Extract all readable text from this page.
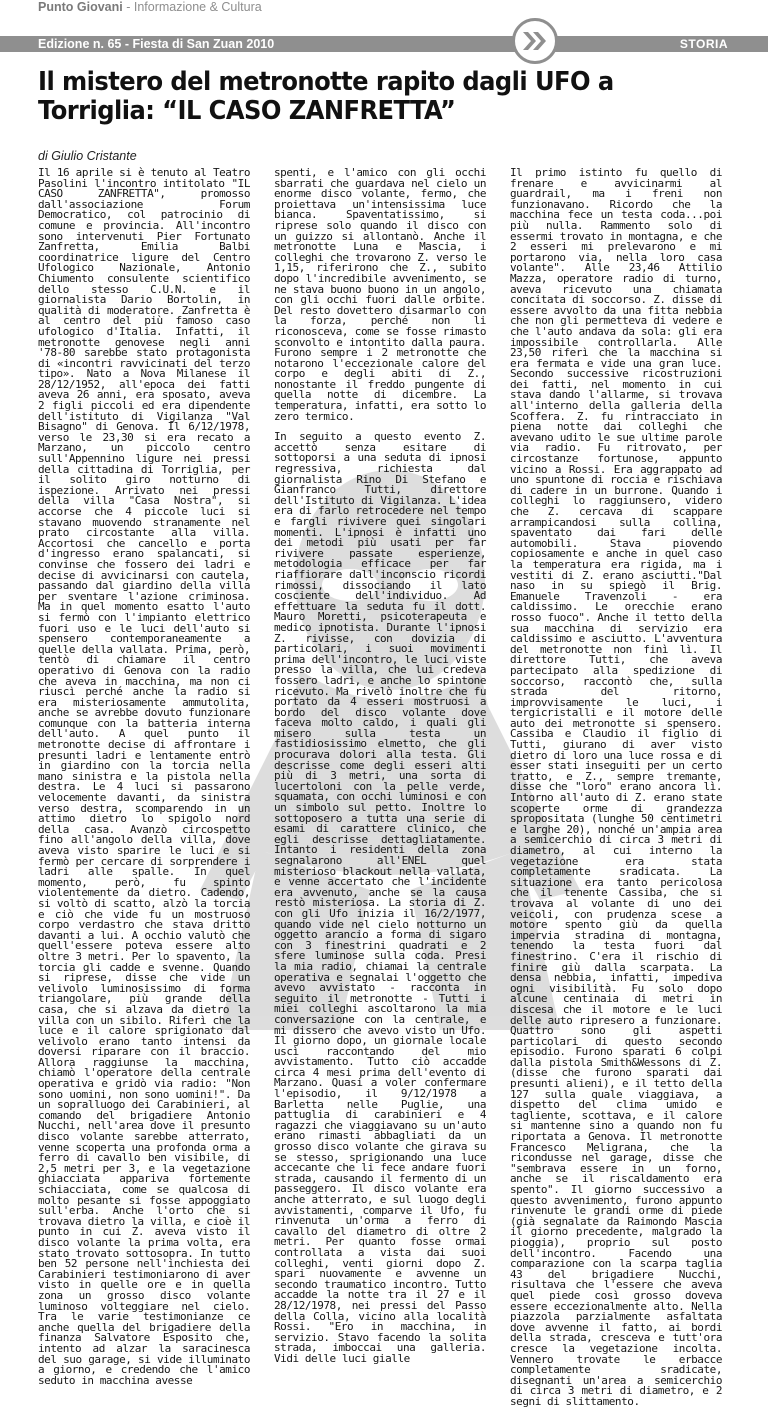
Punto Giovani - Informazione & Cultura
Edizione n. 65 - Fiesta di San Zuan 2010	STORIA
Il mistero del metronotte rapito dagli UFO a Torriglia: “IL CASO ZANFRETTA”
di Giulio Cristante

Il 16 aprile si è tenuto al Teatro Pasolini l'incontro intitolato "IL CASO ZANFRETTA", promosso dall'associazione Forum Democratico, col patrocinio di comune e provincia. All'incontro sono intervenuti Pier Fortunato Zanfretta, Emilia Balbi coordinatrice ligure del Centro Ufologico Nazionale, Antonio Chiumento consulente scientifico dello stesso C.U.N. e il giornalista Dario Bortolin, in qualità di moderatore. Zanfretta è al centro del più famoso caso ufologico d'Italia. Infatti, il metronotte genovese negli anni '78-80 sarebbe stato protagonista di «incontri ravvicinati del terzo tipo». Nato a Nova Milanese il 28/12/1952, all'epoca dei fatti aveva 26 anni, era sposato, aveva 2 figli piccoli ed era dipendente dell'istituto di Vigilanza "Val Bisagno" di Genova. Il 6/12/1978, verso le 23,30 si era recato a Marzano, un piccolo centro sull'Appennino ligure nei pressi della cittadina di Torriglia, per il solito giro notturno di ispezione. Arrivato nei pressi della villa "Casa Nostra", si accorse che 4 piccole luci si stavano muovendo stranamente nel prato circostante alla villa. Accortosi che cancello e porta d'ingresso erano spalancati, si convinse che fossero dei ladri e decise di avvicinarsi con cautela, passando dal giardino della villa per sventare l'azione criminosa. Ma in quel momento esatto l'auto si fermò con l'impianto elettrico fuori uso e le luci dell'auto si spensero contemporaneamente a quelle della vallata. Prima, però, tentò di chiamare il centro operativo di Genova con la radio che aveva in macchina, ma non ci riuscì perché anche la radio si era misteriosamente ammutolita, anche se avrebbe dovuto funzionare comunque con la batteria interna dell'auto. A quel punto il metronotte decise di affrontare i presunti ladri e lentamente entrò in giardino con la torcia nella mano sinistra e la pistola nella destra. Le 4 luci si passarono velocemente davanti, da sinistra verso destra, scomparendo in un attimo dietro lo spigolo nord della casa. Avanzò circospetto fino all'angolo della villa, dove aveva visto sparire le luci e si fermò per cercare di sorprendere i ladri alle spalle. In quel momento, però, fu spinto violentemente da dietro. Cadendo, si voltò di scatto, alzò la torcia e ciò che vide fu un mostruoso corpo verdastro che stava dritto davanti a lui. A occhio valutò che quell'essere poteva essere alto oltre 3 metri. Per lo spavento, la torcia gli cadde e svenne. Quando si riprese, disse che vide un velivolo luminosissimo di forma triangolare, più grande della casa, che si alzava da dietro la villa con un sibilo. Riferì che la luce e il calore sprigionato dal velivolo erano tanto intensi da doversi riparare con il braccio. Allora raggiunse la macchina, chiamò l'operatore della centrale operativa e gridò via radio: "Non sono uomini, non sono uomini!". Da un sopralluogo dei Carabinieri, al comando del brigadiere Antonio Nucchi, nell'area dove il presunto disco volante sarebbe atterrato, venne scoperta una profonda orma a ferro di cavallo ben visibile, di 2,5 metri per 3, e la vegetazione ghiacciata appariva fortemente schiacciata, come se qualcosa di molto pesante si fosse appoggiato sull'erba. Anche l'orto che si trovava dietro la villa, e cioè il punto in cui Z. aveva visto il disco volante la prima volta, era stato trovato sottosopra. In tutto ben 52 persone nell'inchiesta dei Carabinieri testimoniarono di aver visto in quelle ore e in quella zona un grosso disco volante luminoso volteggiare nel cielo. Tra le varie testimonianze ce anche quella del brigadiere della finanza Salvatore Esposito che, intento ad alzar la saracinesca del suo garage, si vide illuminato a giorno, e credendo che l'amico seduto in macchina avesse

spenti, e l'amico con gli occhi sbarrati che guardava nel cielo un enorme disco volante, fermo, che proiettava un'intensissima luce bianca. Spaventatissimo, si riprese solo quando il disco con un guizzo si allontanò. Anche il metronotte Luna e Mascia, i colleghi che trovarono Z. verso le 1,15, riferirono che Z., subito dopo l'incredibile avvenimento, se ne stava buono buono in un angolo, con gli occhi fuori dalle orbite. Del resto dovettero disarmarlo con la forza, perché non li riconosceva, come se fosse rimasto sconvolto e intontito dalla paura. Furono sempre i 2 metronotte che notarono l'eccezionale calore del corpo e degli abiti di Z., nonostante il freddo pungente di quella notte di dicembre. La temperatura, infatti, era sotto lo zero termico.

In seguito a questo evento Z. accettò senza esitare di sottoporsi a una seduta di ipnosi regressiva, richiesta dal giornalista Rino Di Stefano e Gianfranco Tutti, direttore dell'Istituto di Vigilanza. L'idea era di farlo retrocedere nel tempo e fargli rivivere quei singolari momenti. L'ipnosi è infatti uno dei metodi più usati per far rivivere passate esperienze, metodologia efficace per far riaffiorare dall'inconscio ricordi rimossi, dissociando il lato cosciente dell'individuo. Ad effettuare la seduta fu il dott. Mauro Moretti, psicoterapeuta e medico ipnotista. Durante l'ipnosi Z. rivisse, con dovizia di particolari, i suoi movimenti prima dell'incontro, le luci viste presso la villa, che lui credeva fossero ladri, e anche lo spintone ricevuto. Ma rivelò inoltre che fu portato da 4 esseri mostruosi a bordo del disco volante dove faceva molto caldo, i quali gli misero sulla testa un fastidiosissimo elmetto, che gli procurava dolori alla testa. Gli descrisse come degli esseri alti più di 3 metri, una sorta di lucertoloni con la pelle verde, squamata, con occhi luminosi e con un simbolo sul petto. Inoltre lo sottoposero a tutta una serie di esami di carattere clinico, che egli descrisse dettagliatamente. Intanto i residenti della zona segnalarono all'ENEL quel misterioso blackout nella vallata, e venne accertato che l'incidente era avvenuto, anche se la causa restò misteriosa. La storia di Z. con gli Ufo inizia il 16/2/1977, quando vide nel cielo notturno un oggetto arancio a forma di sigaro con 3 finestrini quadrati e 2 sfere luminose sulla coda. Presi la mia radio, chiamai la centrale operativa e segnalai l'oggetto che avevo avvistato - racconta in seguito il metronotte - Tutti i miei colleghi ascoltarono la mia conversazione con la centrale, e mi dissero che avevo visto un Ufo. Il giorno dopo, un giornale locale uscì raccontando del mio avvistamento. Tutto ciò accadde circa 4 mesi prima dell'evento di Marzano. Quasi a voler confermare l'episodio, il 9/12/1978 a Barletta nelle Puglie, una pattuglia di carabinieri e 4 ragazzi che viaggiavano su un'auto erano rimasti abbagliati da un grosso disco volante che girava su se stesso, sprigionando una luce accecante che li fece andare fuori strada, causando il fermento di un passeggero. Il disco volante era anche atterrato, e sul luogo degli avvistamenti, comparve il Ufo, fu rinvenuta un'orma a ferro di cavallo del diametro di oltre 2 metri. Per quanto fosse ormai controllata a vista dai suoi colleghi, venti giorni dopo Z. spari nuovamente e avvenne un secondo traumatico incontro. Tutto accadde la notte tra il 27 e il 28/12/1978, nei pressi del Passo della Colla, vicino alla località Rossi. "Ero in macchina, in servizio. Stavo facendo la solita strada, imboccai una galleria. Vidi delle luci gialle

Il primo istinto fu quello di frenare e avvicinarmi al guardrail, ma i freni non funzionavano. Ricordo che la macchina fece un testa coda...poi più nulla. Rammento solo di essermi trovato in montagna, e che 2 esseri mi prelevarono e mi portarono via, nella loro casa volante". Alle 23,46 Attilio Mazza, operatore radio di turno, aveva ricevuto una chiamata concitata di soccorso. Z. disse di essere avvolto da una fitta nebbia che non gli permetteva di vedere e che l'auto andava da sola: gli era impossibile controllarla. Alle 23,50 riferì che la macchina si era fermata e vide una gran luce. Secondo successive ricostruzioni dei fatti, nel momento in cui stava dando l'allarme, si trovava all'interno della galleria della Scoffera. Z. fu rintracciato in piena notte dai colleghi che avevano udito le sue ultime parole via radio. Fu ritrovato, per circostanze fortunose, appunto vicino a Rossi. Era aggrappato ad uno spuntone di roccia e rischiava di cadere in un burrone. Quando i colleghi lo raggiunsero, videro che Z. cercava di scappare arrampicandosi sulla collina, spaventato dai fari delle automobili. Stava piovendo copiosamente e anche in quel caso la temperatura era rigida, ma i vestiti di Z. erano asciutti."Dal naso in su spiegò il Brig. Emanuele Travenzoli - era caldissimo. Le orecchie erano rosso fuoco". Anche il tetto della sua macchina di servizio era caldissimo e asciutto. L'avventura del metronotte non finì lì. Il direttore Tutti, che aveva partecipato alla spedizione di soccorso, raccontò che, sulla strada del ritorno, improvvisamente le luci, i tergicristalli e il motore delle auto dei metronotte si spensero. Cassiba e Claudio il figlio di Tutti, giurano di aver visto dietro di loro una luce rossa e di esser stati inseguiti per un certo tratto, e Z., sempre tremante, disse che "loro" erano ancora lì. Intorno all'auto di Z. erano state scoperte orme di grandezza spropositata (lunghe 50 centimetri e larghe 20), nonché un'ampia area a semicerchio di circa 3 metri di diametro, al cui interno la vegetazione era stata completamente sradicata. La situazione era tanto pericolosa che il tenente Cassiba, che si trovava al volante di uno dei veicoli, con prudenza scese a motore spento giù da quella impervia stradina di montagna, tenendo la testa fuori dal finestrino. C'era il rischio di finire giù dalla scarpata. La densa nebbia, infatti, impediva ogni visibilità. Fu solo dopo alcune centinaia di metri in discesa che il motore e le luci delle auto ripresero a funzionare. Quattro sono gli aspetti particolari di questo secondo episodio. Furono sparati 6 colpi dalla pistola Smith&Wessons di Z. (disse che furono sparati dai presunti alieni), e il tetto della 127 sulla quale viaggiava, a dispetto del clima umido e tagliente, scottava, e il calore si mantenne sino a quando non fu riportata a Genova. Il metronotte Francesco Meligrana, che la ricondusse nel garage, disse che "sembrava essere in un forno, anche se il riscaldamento era spento". Il giorno successivo a questo avvenimento, furono appunto rinvenute le grandi orme di piede (già segnalate da Raimondo Mascia il giorno precedente, malgrado la pioggia), proprio sul posto dell'incontro. Facendo una comparazione con la scarpa taglia 43 del brigadiere Nucchi, risultava che l'essere che aveva quel piede così grosso doveva essere eccezionalmente alto. Nella piazzola parzialmente asfaltata dove avvenne il fatto, ai bordi della strada, cresceva e tutt'ora cresce la vegetazione incolta. Vennero trovate le erbacce completamente sradicate, disegnanti un'area a semicerchio di circa 3 metri di diametro, e 2 segni di slittamento.
